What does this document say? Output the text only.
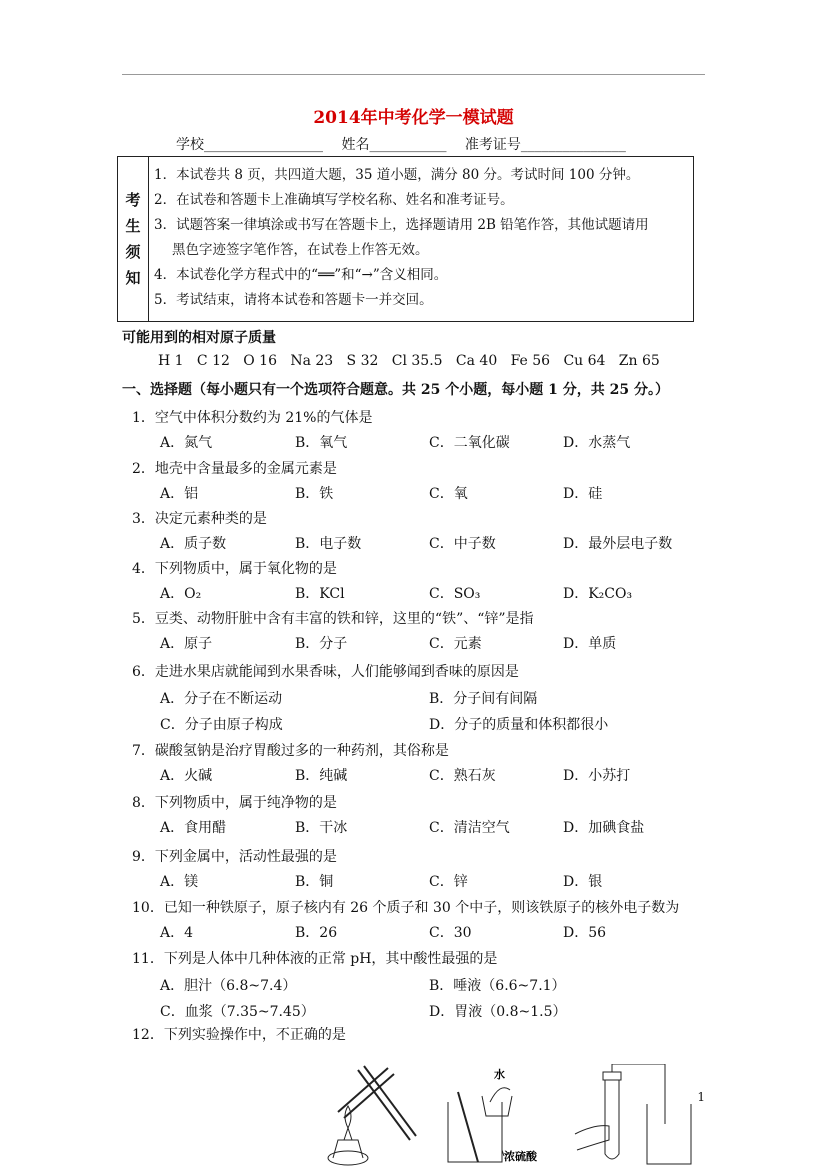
2014年中考化学一模试题
学校_________________ 姓名___________ 准考证号_______________
考
生
须
知
1．本试卷共 8 页，共四道大题，35 道小题，满分 80 分。考试时间 100 分钟。
2．在试卷和答题卡上准确填写学校名称、姓名和准考证号。
3．试题答案一律填涂或书写在答题卡上，选择题请用 2B 铅笔作答，其他试题请用
黑色字迹签字笔作答，在试卷上作答无效。
4．本试卷化学方程式中的“══”和“→”含义相同。
5．考试结束，请将本试卷和答题卡一并交回。
可能用到的相对原子质量
H 1   C 12   O 16   Na 23   S 32   Cl 35.5   Ca 40   Fe 56   Cu 64   Zn 65
一、选择题（每小题只有一个选项符合题意。共 25 个小题，每小题 1 分，共 25 分。）
1．空气中体积分数约为 21%的气体是
A．氮气	B．氧气	C．二氧化碳	D．水蒸气
2．地壳中含量最多的金属元素是
A．铝	B．铁	C．氧	D．硅
3．决定元素种类的是
A．质子数	B．电子数	C．中子数	D．最外层电子数
4．下列物质中，属于氧化物的是
A．O₂	B．KCl	C．SO₃	D．K₂CO₃
5．豆类、动物肝脏中含有丰富的铁和锌，这里的“铁”、“锌”是指
A．原子	B．分子	C．元素	D．单质
6．走进水果店就能闻到水果香味，人们能够闻到香味的原因是
A．分子在不断运动	B．分子间有间隔
C．分子由原子构成	D．分子的质量和体积都很小
7．碳酸氢钠是治疗胃酸过多的一种药剂，其俗称是
A．火碱	B．纯碱	C．熟石灰	D．小苏打
8．下列物质中，属于纯净物的是
A．食用醋	B．干冰	C．清洁空气	D．加碘食盐
9．下列金属中，活动性最强的是
A．镁	B．铜	C．锌	D．银
10．已知一种铁原子，原子核内有 26 个质子和 30 个中子，则该铁原子的核外电子数为
A．4	B．26	C．30	D．56
11．下列是人体中几种体液的正常 pH，其中酸性最强的是
A．胆汁（6.8~7.4）	B．唾液（6.6~7.1）
C．血浆（7.35~7.45）	D．胃液（0.8~1.5）
12．下列实验操作中，不正确的是
水
浓硫酸
1
